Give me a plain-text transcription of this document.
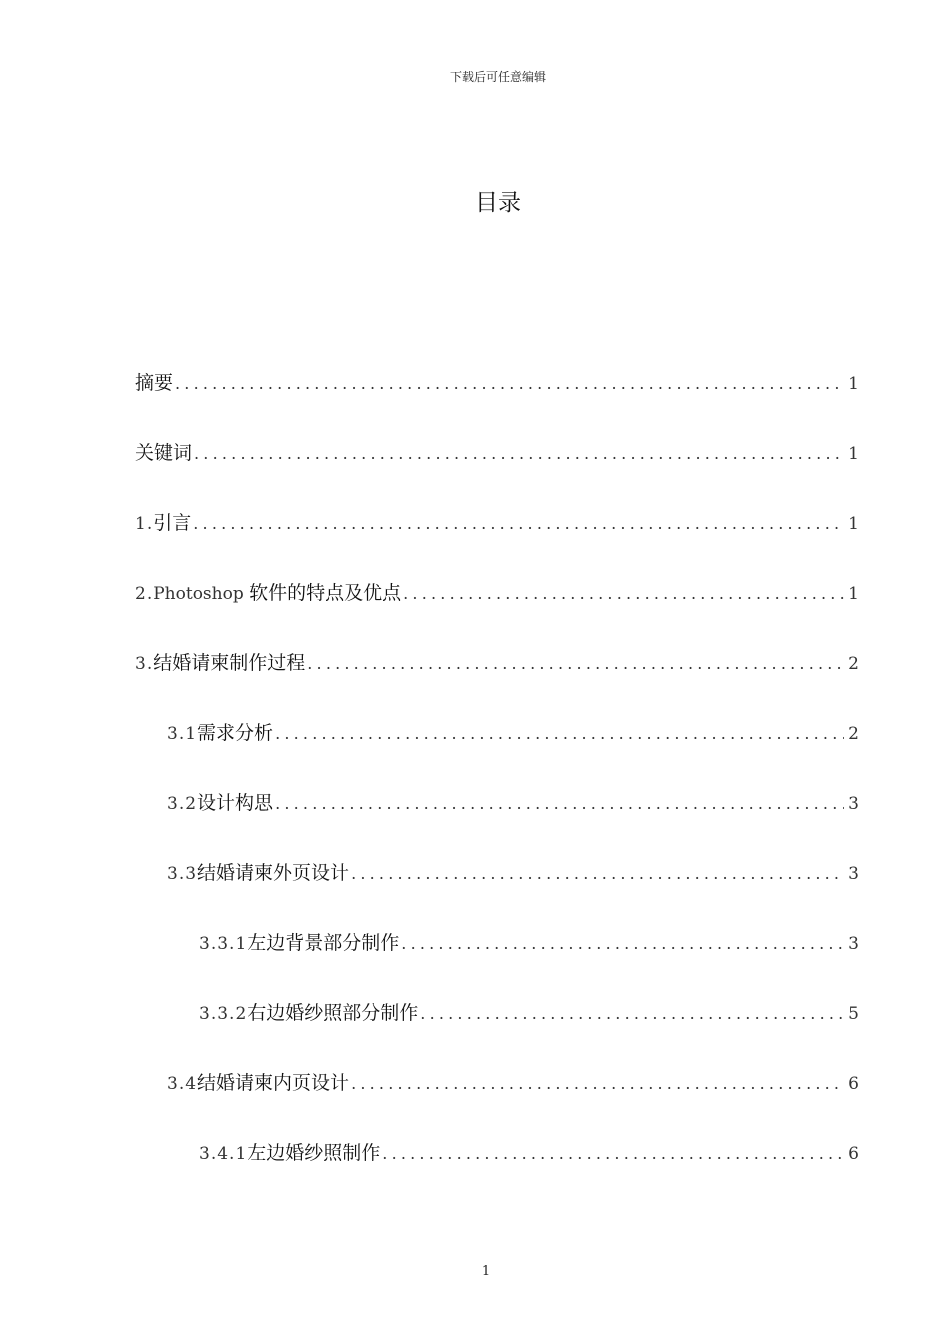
下载后可任意编辑
目录
摘要 .....	1
关键词 .....	1
1. 引言 .....	1
2. Photoshop 软件的特点及优点 .....	1
3. 结婚请柬制作过程 .....	2
3.1 需求分析 .....	2
3.2 设计构思 .....	3
3.3 结婚请柬外页设计 .....	3
3.3.1 左边背景部分制作 .....	3
3.3.2 右边婚纱照部分制作 .....	5
3.4 结婚请柬内页设计 .....	6
3.4.1 左边婚纱照制作 .....	6
1
